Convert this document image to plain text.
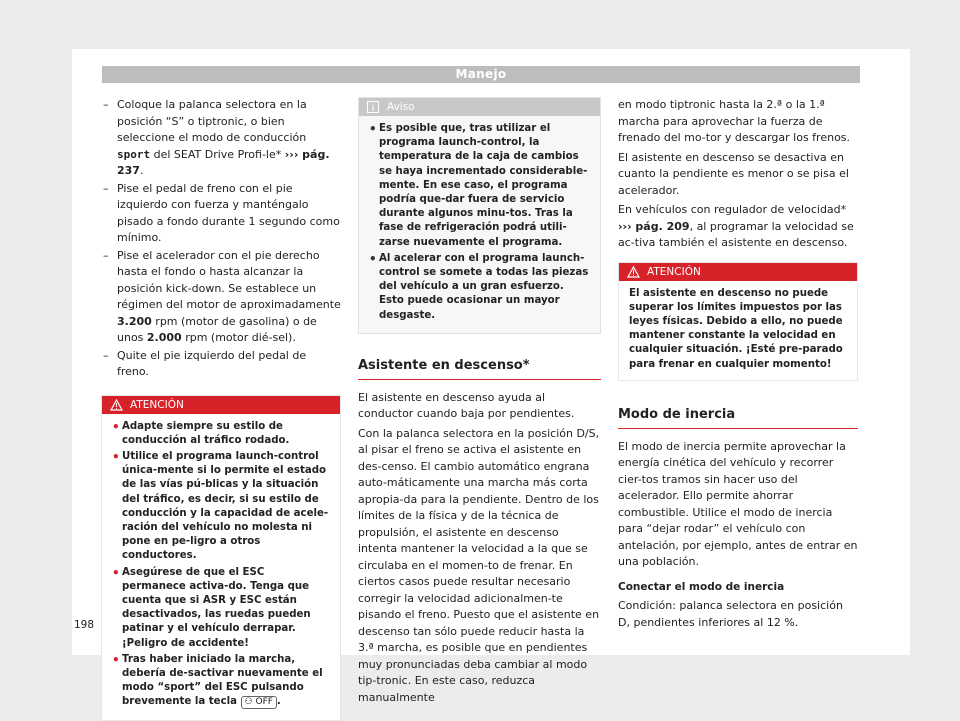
Manejo
– Coloque la palanca selectora en la posición “S” o tiptronic, o bien seleccione el modo de conducción sport del SEAT Drive Profi-le* ››› pág. 237.
– Pise el pedal de freno con el pie izquierdo con fuerza y manténgalo pisado a fondo durante 1 segundo como mínimo.
– Pise el acelerador con el pie derecho hasta el fondo o hasta alcanzar la posición kick-down. Se establece un régimen del motor de aproximadamente 3.200 rpm (motor de gasolina) o de unos 2.000 rpm (motor dié-sel).
– Quite el pie izquierdo del pedal de freno.
ATENCIÓN
• Adapte siempre su estilo de conducción al tráfico rodado.
• Utilice el programa launch-control única-mente si lo permite el estado de las vías pú-blicas y la situación del tráfico, es decir, si su estilo de conducción y la capacidad de acele-ración del vehículo no molesta ni pone en pe-ligro a otros conductores.
• Asegúrese de que el ESC permanece activa-do. Tenga que cuenta que si ASR y ESC están desactivados, las ruedas pueden patinar y el vehículo derrapar. ¡Peligro de accidente!
• Tras haber iniciado la marcha, debería de-sactivar nuevamente el modo “sport” del ESC pulsando brevemente la tecla ⚇ OFF .
Aviso
• Es posible que, tras utilizar el programa launch-control, la temperatura de la caja de cambios se haya incrementado considerable-mente. En ese caso, el programa podría que-dar fuera de servicio durante algunos minu-tos. Tras la fase de refrigeración podrá utili-zarse nuevamente el programa.
• Al acelerar con el programa launch-control se somete a todas las piezas del vehículo a un gran esfuerzo. Esto puede ocasionar un mayor desgaste.
Asistente en descenso*

El asistente en descenso ayuda al conductor cuando baja por pendientes.

Con la palanca selectora en la posición D/S, al pisar el freno se activa el asistente en des-censo. El cambio automático engrana auto-máticamente una marcha más corta apropia-da para la pendiente. Dentro de los límites de la física y de la técnica de propulsión, el asistente en descenso intenta mantener la velocidad a la que se circulaba en el momen-to de frenar. En ciertos casos puede resultar necesario corregir la velocidad adicionalmen-te pisando el freno. Puesto que el asistente en descenso tan sólo puede reducir hasta la 3.ª marcha, es posible que en pendientes muy pronunciadas deba cambiar al modo tip-tronic. En este caso, reduzca manualmente

en modo tiptronic hasta la 2.ª o la 1.ª marcha para aprovechar la fuerza de frenado del mo-tor y descargar los frenos.

El asistente en descenso se desactiva en cuanto la pendiente es menor o se pisa el acelerador.

En vehículos con regulador de velocidad* ››› pág. 209, al programar la velocidad se ac-tiva también el asistente en descenso.

ATENCIÓN
El asistente en descenso no puede superar los límites impuestos por las leyes físicas. Debido a ello, no puede mantener constante la velocidad en cualquier situación. ¡Esté pre-parado para frenar en cualquier momento!
Modo de inercia

El modo de inercia permite aprovechar la energía cinética del vehículo y recorrer cier-tos tramos sin hacer uso del acelerador. Ello permite ahorrar combustible. Utilice el modo de inercia para “dejar rodar” el vehículo con antelación, por ejemplo, antes de entrar en una población.

Conectar el modo de inercia

Condición: palanca selectora en posición D, pendientes inferiores al 12 %.

198
